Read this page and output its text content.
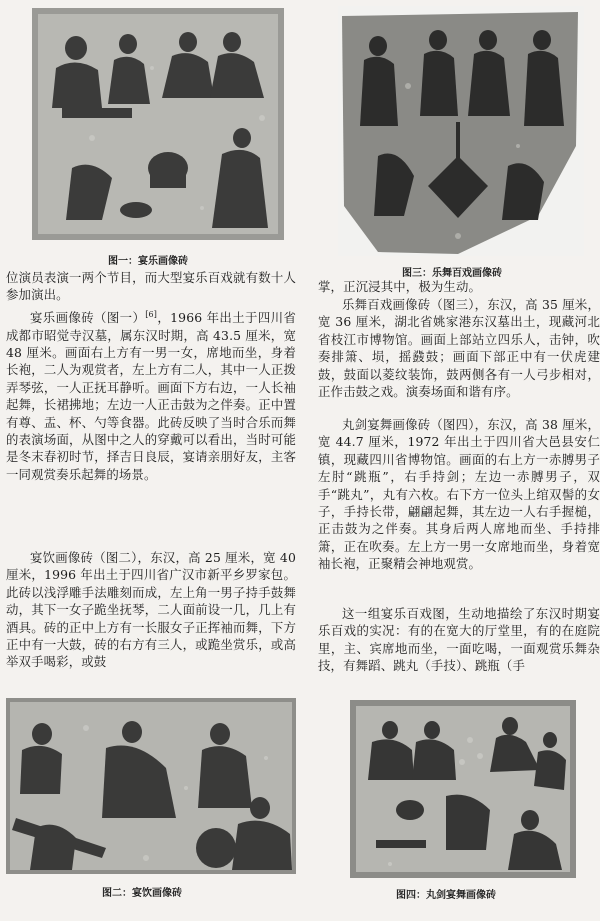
图一：宴乐画像砖

位演员表演一两个节目，而大型宴乐百戏就有数十人参加演出。

宴乐画像砖（图一）[6]，1966 年出土于四川省成都市昭觉寺汉墓，属东汉时期，高 43.5 厘米，宽 48 厘米。画面右上方有一男一女，席地而坐，身着长袍，二人为观赏者，左上方有二人，其中一人正拨弄琴弦，一人正抚耳静听。画面下方右边，一人长袖起舞，长裙拂地；左边一人正击鼓为之伴奏。正中置有尊、盂、杯、勺等食器。此砖反映了当时合乐而舞的表演场面，从图中之人的穿戴可以看出，当时可能是冬末春初时节，择吉日良辰，宴请亲朋好友，主客一同观赏奏乐起舞的场景。

宴饮画像砖（图二），东汉，高 25 厘米，宽 40 厘米，1996 年出土于四川省广汉市新平乡罗家包。此砖以浅浮雕手法雕刻而成，左上角一男子持手鼓舞动，其下一女子跪坐抚琴，二人面前设一几，几上有酒具。砖的正中上方有一长服女子正挥袖而舞，下方正中有一大鼓，砖的右方有三人，或跪坐赏乐，或高举双手喝彩，或鼓

图二：宴饮画像砖
图三：乐舞百戏画像砖

掌，正沉浸其中，极为生动。

乐舞百戏画像砖（图三），东汉，高 35 厘米，宽 36 厘米，湖北省姚家港东汉墓出土，现藏河北省枝江市博物馆。画面上部站立四乐人，击钟，吹奏排箫、埙，摇鼗鼓；画面下部正中有一伏虎建鼓，鼓面以菱纹装饰，鼓两侧各有一人弓步相对，正作击鼓之戏。演奏场面和谐有序。

丸剑宴舞画像砖（图四），东汉，高 38 厘米，宽 44.7 厘米，1972 年出土于四川省大邑县安仁镇，现藏四川省博物馆。画面的右上方一赤膊男子左肘“跳瓶”，右手持剑；左边一赤膊男子，双手“跳丸”，丸有六枚。右下方一位头上绾双髻的女子，手持长带，翩翩起舞，其左边一人右手握槌，正击鼓为之伴奏。其身后两人席地而坐、手持排箫，正在吹奏。左上方一男一女席地而坐，身着宽袖长袍，正聚精会神地观赏。

这一组宴乐百戏图，生动地描绘了东汉时期宴乐百戏的实况：有的在宽大的厅堂里，有的在庭院里，主、宾席地而坐，一面吃喝，一面观赏乐舞杂技，有舞蹈、跳丸（手技）、跳瓶（手

图四：丸剑宴舞画像砖
